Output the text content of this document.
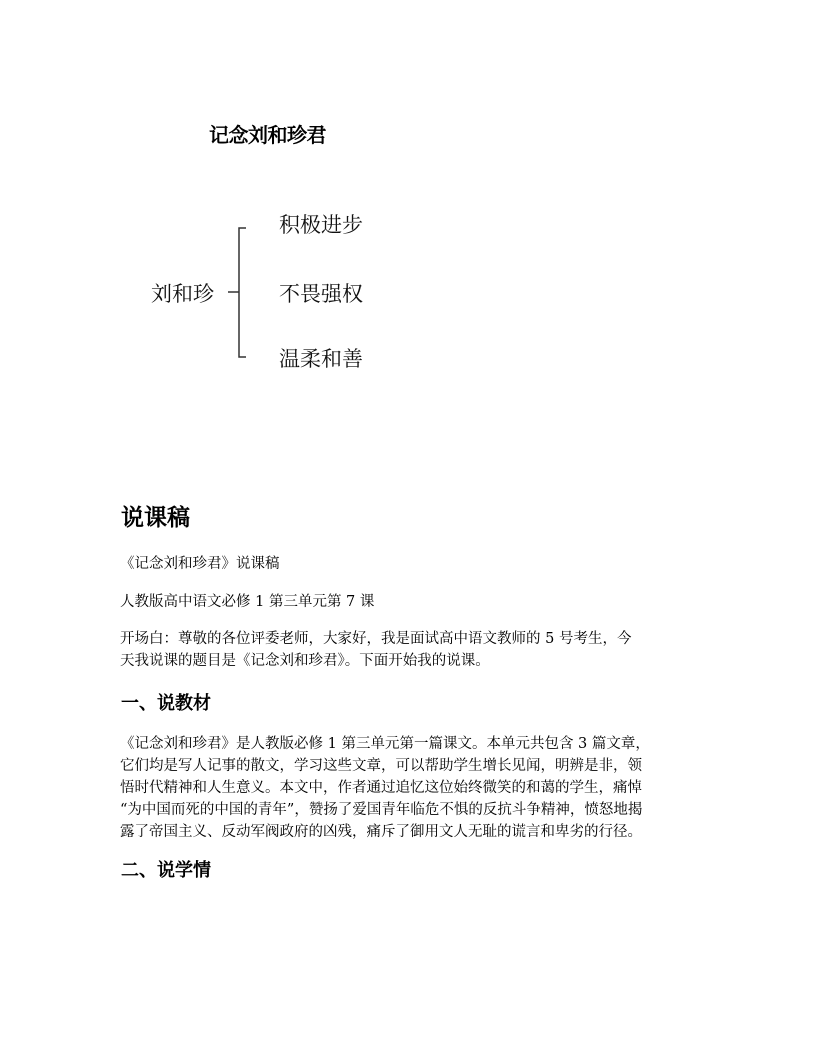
记念刘和珍君
刘和珍
积极进步
不畏强权
温柔和善
说课稿
《记念刘和珍君》说课稿
人教版高中语文必修 1 第三单元第 7 课
开场白：尊敬的各位评委老师，大家好，我是面试高中语文教师的 5 号考生，今
天我说课的题目是《记念刘和珍君》。下面开始我的说课。
一、说教材
《记念刘和珍君》是人教版必修 1 第三单元第一篇课文。本单元共包含 3 篇文章，
它们均是写人记事的散文，学习这些文章，可以帮助学生增长见闻，明辨是非，领
悟时代精神和人生意义。本文中，作者通过追忆这位始终微笑的和蔼的学生，痛悼
“为中国而死的中国的青年”，赞扬了爱国青年临危不惧的反抗斗争精神，愤怒地揭
露了帝国主义、反动军阀政府的凶残，痛斥了御用文人无耻的谎言和卑劣的行径。
二、说学情
